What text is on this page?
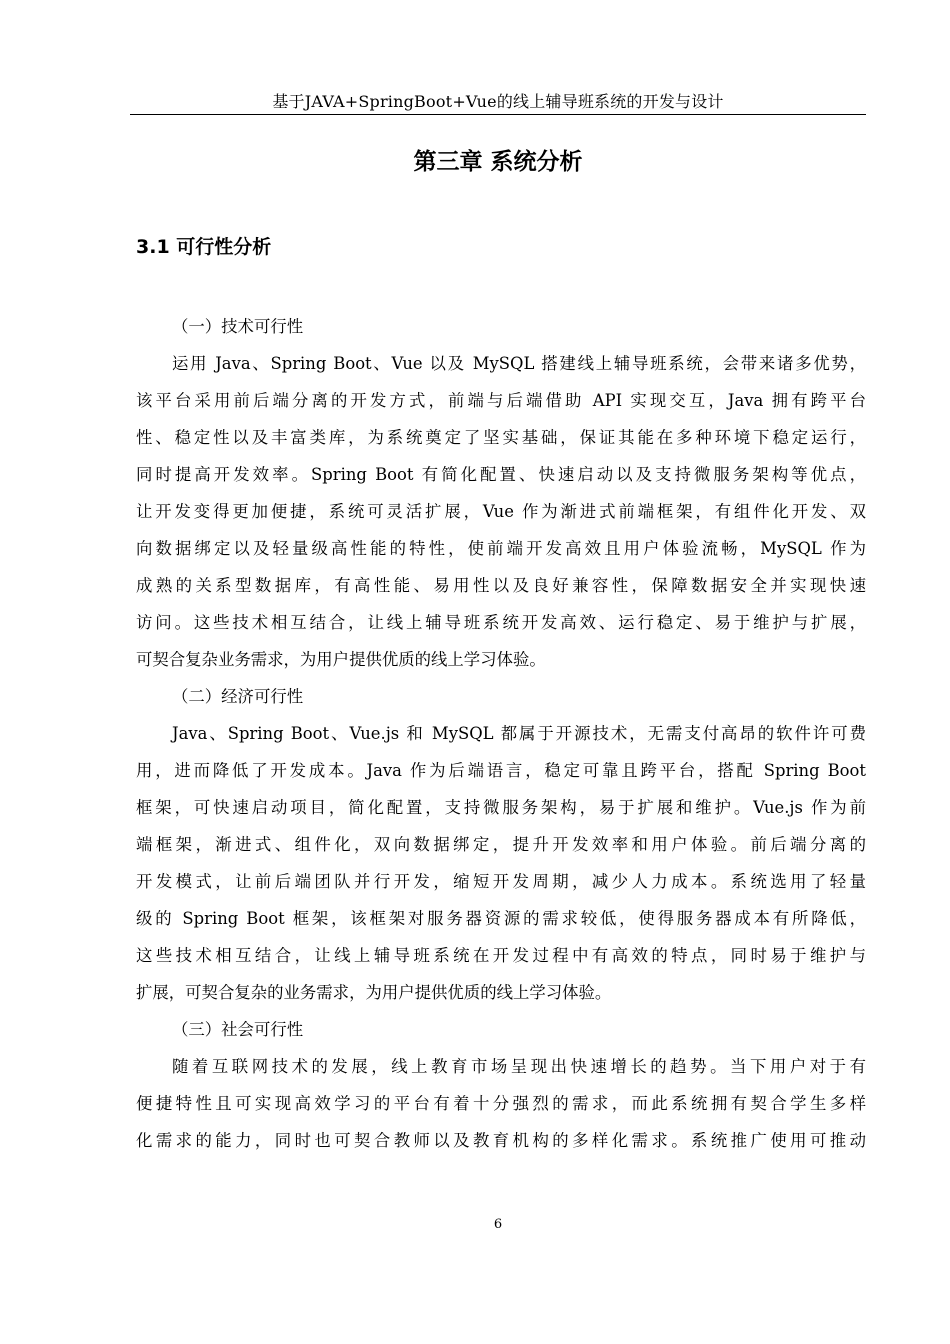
基于JAVA+SpringBoot+Vue的线上辅导班系统的开发与设计
第三章 系统分析
3.1 可行性分析
（一）技术可行性
运用 Java、Spring Boot、Vue 以及 MySQL 搭建线上辅导班系统，会带来诸多优势，
该平台采用前后端分离的开发方式，前端与后端借助 API 实现交互，Java 拥有跨平台
性、稳定性以及丰富类库，为系统奠定了坚实基础，保证其能在多种环境下稳定运行，
同时提高开发效率。Spring Boot 有简化配置、快速启动以及支持微服务架构等优点，
让开发变得更加便捷，系统可灵活扩展，Vue 作为渐进式前端框架，有组件化开发、双
向数据绑定以及轻量级高性能的特性，使前端开发高效且用户体验流畅，MySQL 作为
成熟的关系型数据库，有高性能、易用性以及良好兼容性，保障数据安全并实现快速
访问。这些技术相互结合，让线上辅导班系统开发高效、运行稳定、易于维护与扩展，
可契合复杂业务需求，为用户提供优质的线上学习体验。
（二）经济可行性
Java、Spring Boot、Vue.js 和 MySQL 都属于开源技术，无需支付高昂的软件许可费
用，进而降低了开发成本。Java 作为后端语言，稳定可靠且跨平台，搭配 Spring Boot
框架，可快速启动项目，简化配置，支持微服务架构，易于扩展和维护。Vue.js 作为前
端框架，渐进式、组件化，双向数据绑定，提升开发效率和用户体验。前后端分离的
开发模式，让前后端团队并行开发，缩短开发周期，减少人力成本。系统选用了轻量
级的 Spring Boot 框架，该框架对服务器资源的需求较低，使得服务器成本有所降低，
这些技术相互结合，让线上辅导班系统在开发过程中有高效的特点，同时易于维护与
扩展，可契合复杂的业务需求，为用户提供优质的线上学习体验。
（三）社会可行性
随着互联网技术的发展，线上教育市场呈现出快速增长的趋势。当下用户对于有
便捷特性且可实现高效学习的平台有着十分强烈的需求，而此系统拥有契合学生多样
化需求的能力，同时也可契合教师以及教育机构的多样化需求。系统推广使用可推动
6
